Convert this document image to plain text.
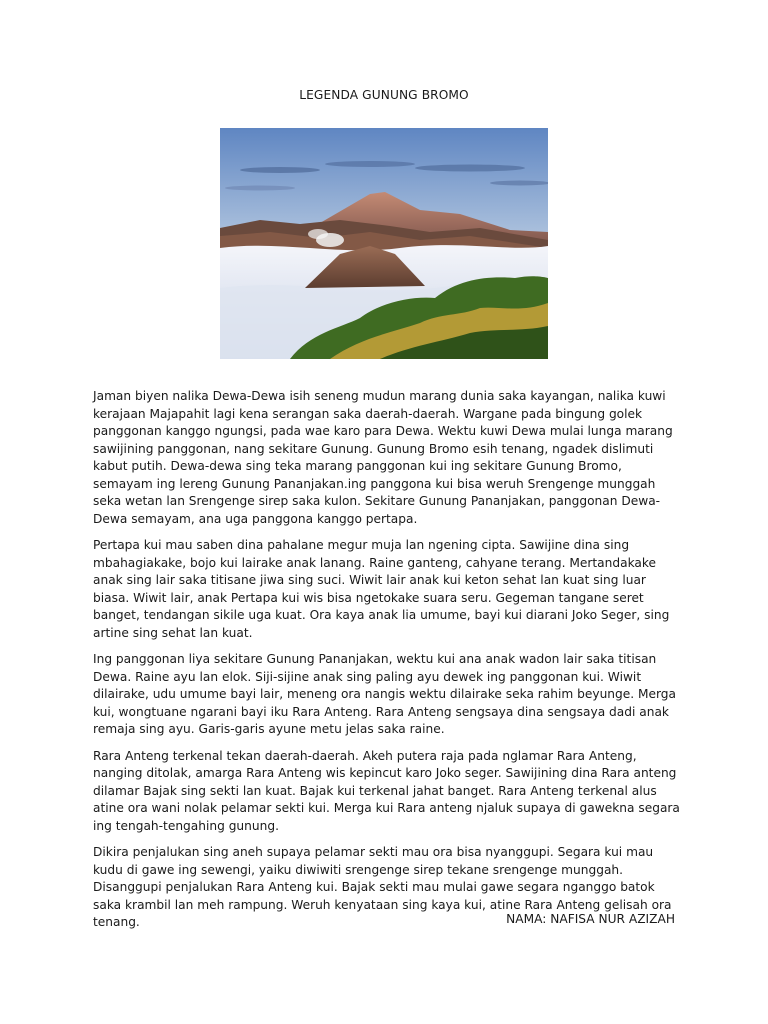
LEGENDA GUNUNG BROMO

Jaman biyen nalika Dewa-Dewa isih seneng mudun marang dunia saka kayangan, nalika kuwi kerajaan Majapahit lagi kena serangan saka daerah-daerah. Wargane pada bingung golek panggonan kanggo ngungsi, pada wae karo para Dewa. Wektu kuwi Dewa mulai lunga marang sawijining panggonan, nang sekitare Gunung. Gunung Bromo esih tenang, ngadek dislimuti kabut putih. Dewa-dewa sing teka marang panggonan kui ing sekitare Gunung Bromo, semayam ing lereng Gunung Pananjakan.ing panggona kui bisa weruh Srengenge munggah seka wetan lan Srengenge sirep saka kulon. Sekitare Gunung Pananjakan, panggonan Dewa-Dewa semayam, ana uga panggona kanggo pertapa.

Pertapa kui mau saben dina pahalane megur muja lan ngening cipta. Sawijine dina sing mbahagiakake, bojo kui lairake anak lanang. Raine ganteng, cahyane terang. Mertandakake anak sing lair saka titisane jiwa sing suci. Wiwit lair anak kui keton sehat lan kuat sing luar biasa. Wiwit lair, anak Pertapa kui wis bisa ngetokake suara seru. Gegeman tangane seret banget, tendangan sikile uga kuat. Ora kaya anak lia umume, bayi kui diarani Joko Seger, sing artine sing sehat lan kuat.

Ing panggonan liya sekitare Gunung Pananjakan, wektu kui ana anak wadon lair saka titisan Dewa. Raine ayu lan elok. Siji-sijine anak sing paling ayu dewek ing panggonan kui. Wiwit dilairake, udu umume bayi lair, meneng ora nangis wektu dilairake seka rahim beyunge. Merga kui, wongtuane ngarani bayi iku Rara Anteng. Rara Anteng sengsaya dina sengsaya dadi anak remaja sing ayu. Garis-garis ayune metu jelas saka raine.

Rara Anteng terkenal tekan daerah-daerah. Akeh putera raja pada nglamar Rara Anteng, nanging ditolak, amarga Rara Anteng wis kepincut karo Joko seger. Sawijining dina Rara anteng dilamar Bajak sing sekti lan kuat. Bajak kui terkenal jahat banget. Rara Anteng terkenal alus atine ora wani nolak pelamar sekti kui. Merga kui Rara anteng njaluk supaya di gawekna segara ing tengah-tengahing gunung.

Dikira penjalukan sing aneh supaya pelamar sekti mau ora bisa nyanggupi. Segara kui mau kudu di gawe ing sewengi, yaiku diwiwiti srengenge sirep tekane srengenge munggah. Disanggupi penjalukan Rara Anteng kui. Bajak sekti mau mulai gawe segara nganggo batok saka krambil lan meh rampung. Weruh kenyataan sing kaya kui, atine Rara Anteng gelisah ora tenang.	NAMA: NAFISA NUR AZIZAH
